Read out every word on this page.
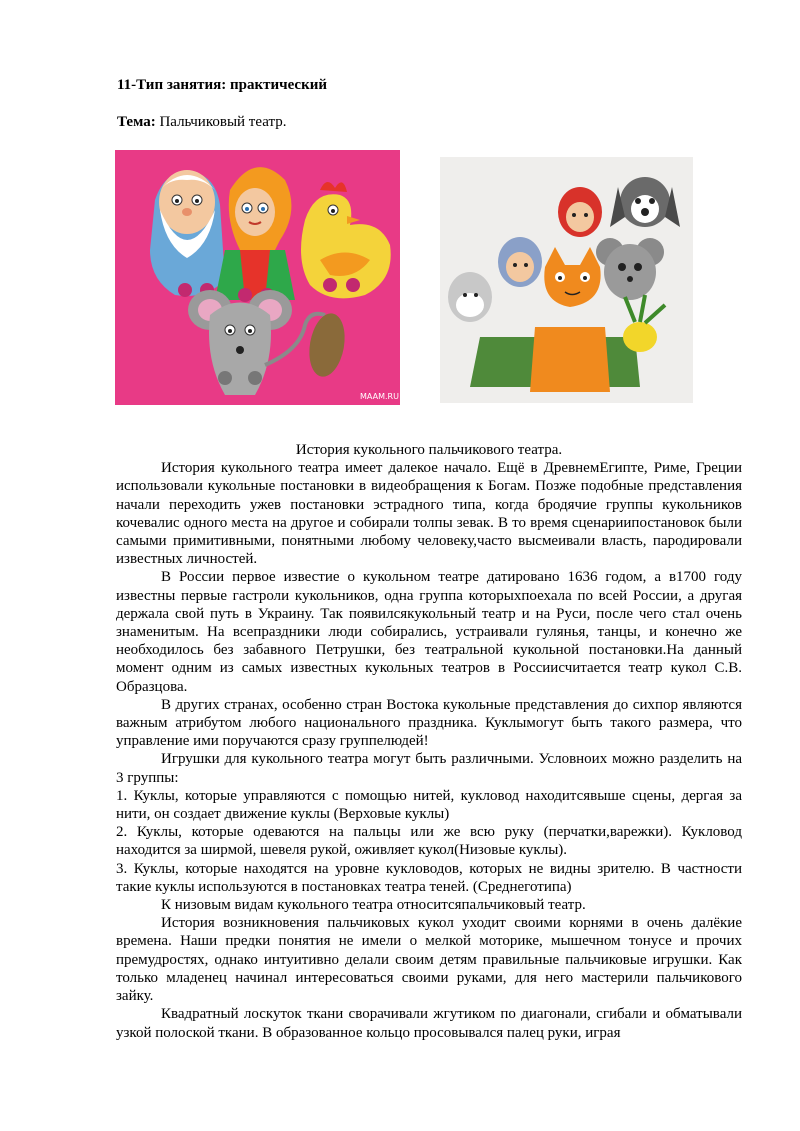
11-Тип занятия: практический
Тема: Пальчиковый театр.
MAAM.RU

История кукольного пальчикового театра.

История кукольного театра имеет далекое начало. Ещё в ДревнемЕгипте, Риме, Греции использовали кукольные постановки в видеобращения к Богам. Позже подобные представления начали переходить ужев постановки эстрадного типа, когда бродячие группы кукольников кочевалис одного места на другое и собирали толпы зевак. В то время сценариипостановок были самыми примитивными, понятными любому человеку,часто высмеивали власть, пародировали известных личностей.

В России первое известие о кукольном театре датировано 1636 годом, а в1700 году известны первые гастроли кукольников, одна группа которыхпоехала по всей России, а другая держала свой путь в Украину. Так появилсякукольный театр и на Руси, после чего стал очень знаменитым. На всепраздники люди собирались, устраивали гулянья, танцы, и конечно же необходилось без забавного Петрушки, без театральной кукольной постановки.На данный момент одним из самых известных кукольных театров в Россиисчитается театр кукол С.В. Образцова.

В других странах, особенно стран Востока кукольные представления до сихпор являются важным атрибутом любого национального праздника. Куклымогут быть такого размера, что управление ими поручаются сразу группелюдей!

Игрушки для кукольного театра могут быть различными. Условноих можно разделить на 3 группы:

1. Куклы, которые управляются с помощью нитей, кукловод находитсявыше сцены, дергая за нити, он создает движение куклы (Верховые куклы)

2. Куклы, которые одеваются на пальцы или же всю руку (перчатки,варежки). Кукловод находится за ширмой, шевеля рукой, оживляет кукол(Низовые куклы).

3. Куклы, которые находятся на уровне кукловодов, которых не видны зрителю. В частности такие куклы используются в постановках театра теней. (Среднеготипа)

К низовым видам кукольного театра относитсяпальчиковый театр.

История возникновения пальчиковых кукол уходит своими корнями в очень далёкие времена. Наши предки понятия не имели о мелкой моторике, мышечном тонусе и прочих премудростях, однако интуитивно делали своим детям правильные пальчиковые игрушки. Как только младенец начинал интересоваться своими руками, для него мастерили пальчикового зайку.

Квадратный лоскуток ткани сворачивали жгутиком по диагонали, сгибали и обматывали узкой полоской ткани. В образованное кольцо просовывался палец руки, играя
